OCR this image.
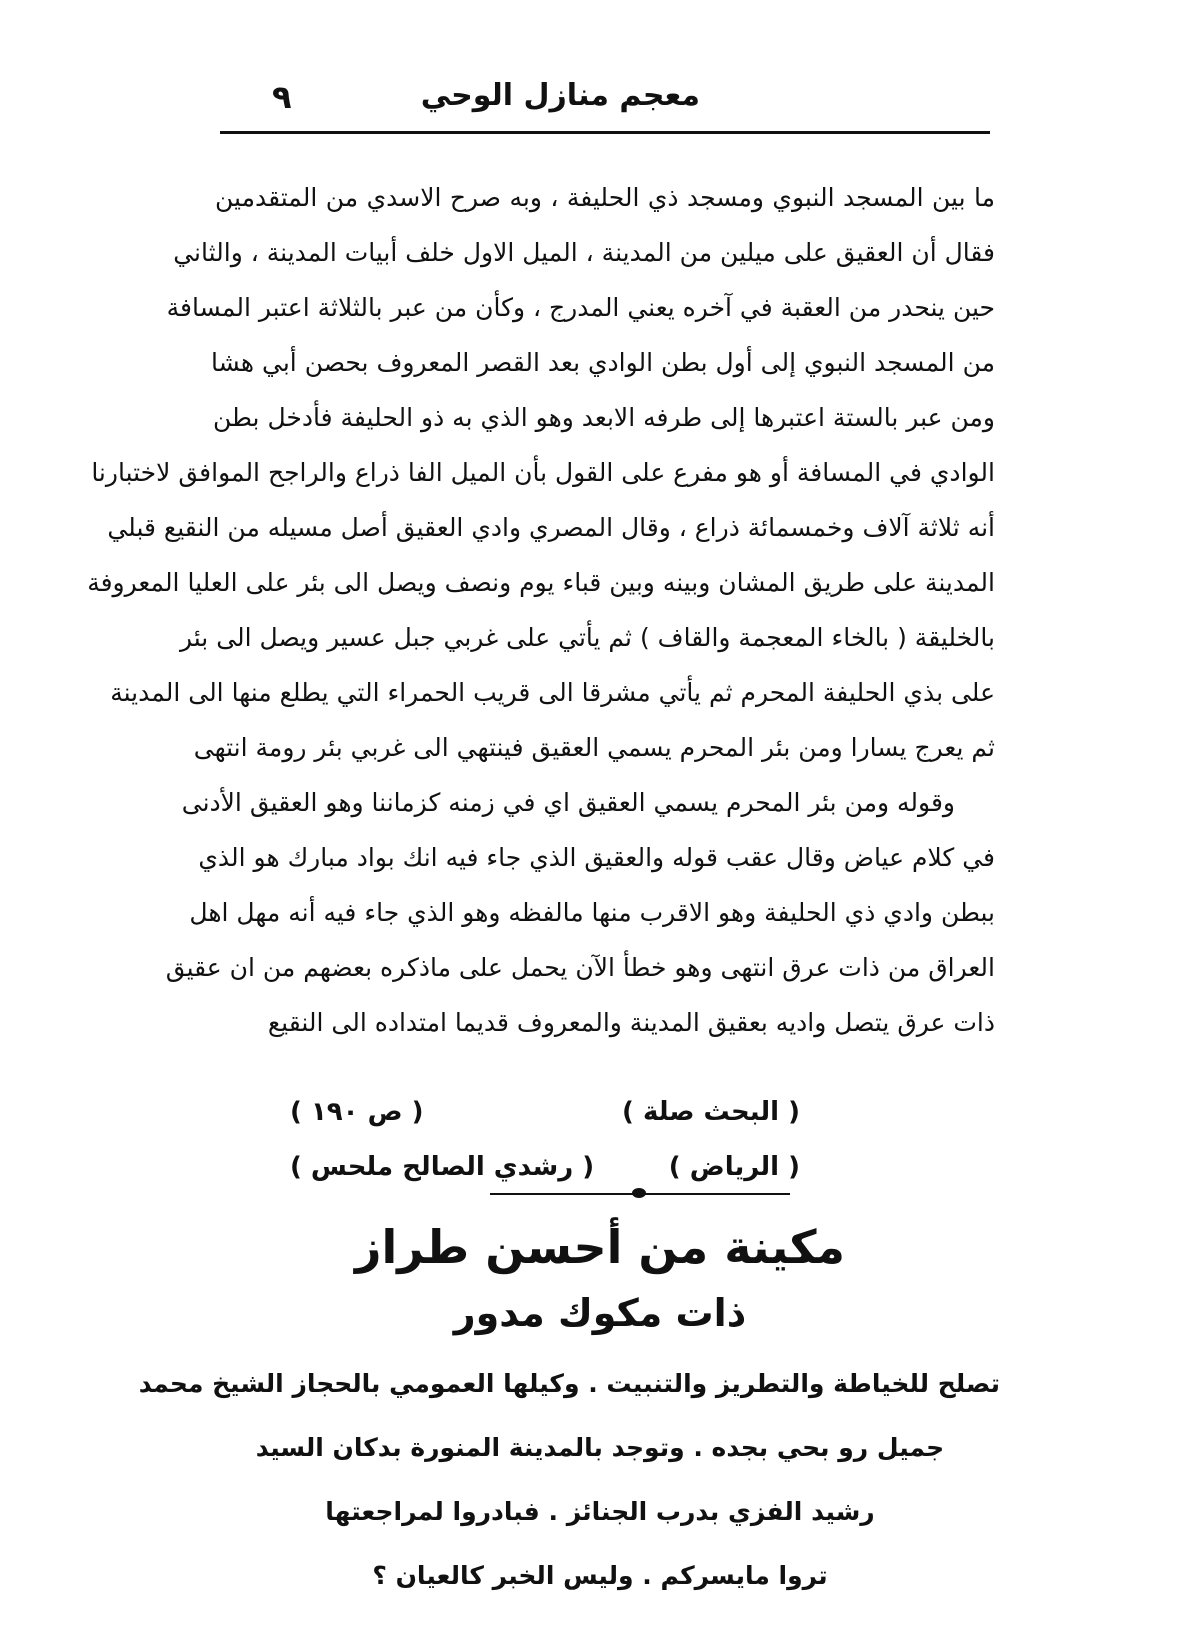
معجم منازل الوحي
٩
ما بين المسجد النبوي ومسجد ذي الحليفة ، وبه صرح الاسدي من المتقدمين
فقال أن العقيق على ميلين من المدينة ، الميل الاول خلف أبيات المدينة ، والثاني
حين ينحدر من العقبة في آخره يعني المدرج ، وكأن من عبر بالثلاثة اعتبر المسافة
من المسجد النبوي إلى أول بطن الوادي بعد القصر المعروف بحصن أبي هشا
ومن عبر بالستة اعتبرها إلى طرفه الابعد وهو الذي به ذو الحليفة فأدخل بطن
الوادي في المسافة أو هو مفرع على القول بأن الميل الفا ذراع والراجح الموافق لاختبارنا
أنه ثلاثة آلاف وخمسمائة ذراع ، وقال المصري وادي العقيق أصل مسيله من النقيع قبلي
المدينة على طريق المشان وبينه وبين قباء يوم ونصف ويصل الى بئر على العليا المعروفة
بالخليقة ( بالخاء المعجمة والقاف ) ثم يأتي على غربي جبل عسير ويصل الى بئر
على بذي الحليفة المحرم ثم يأتي مشرقا الى قريب الحمراء التي يطلع منها الى المدينة
ثم يعرج يسارا ومن بئر المحرم يسمي العقيق فينتهي الى غربي بئر رومة انتهى
وقوله ومن بئر المحرم يسمي العقيق اي في زمنه كزماننا وهو العقيق الأدنى
في كلام عياض وقال عقب قوله والعقيق الذي جاء فيه انك بواد مبارك هو الذي
ببطن وادي ذي الحليفة وهو الاقرب منها مالفظه وهو الذي جاء فيه أنه مهل اهل
العراق من ذات عرق انتهى وهو خطأ الآن يحمل على ماذكره بعضهم من ان عقيق
ذات عرق يتصل واديه بعقيق المدينة والمعروف قديما امتداده الى النقيع
( البحث صلة )
( ص ١٩٠ )
( الرياض )
( رشدي الصالح ملحس )
مكينة من أحسن طراز
ذات مكوك مدور
تصلح للخياطة والتطريز والتنبيت . وكيلها العمومي بالحجاز الشيخ محمد
جميل رو بحي بجده . وتوجد بالمدينة المنورة بدكان السيد
رشيد الفزي بدرب الجنائز . فبادروا لمراجعتها
تروا مايسركم . وليس الخبر كالعيان ؟
